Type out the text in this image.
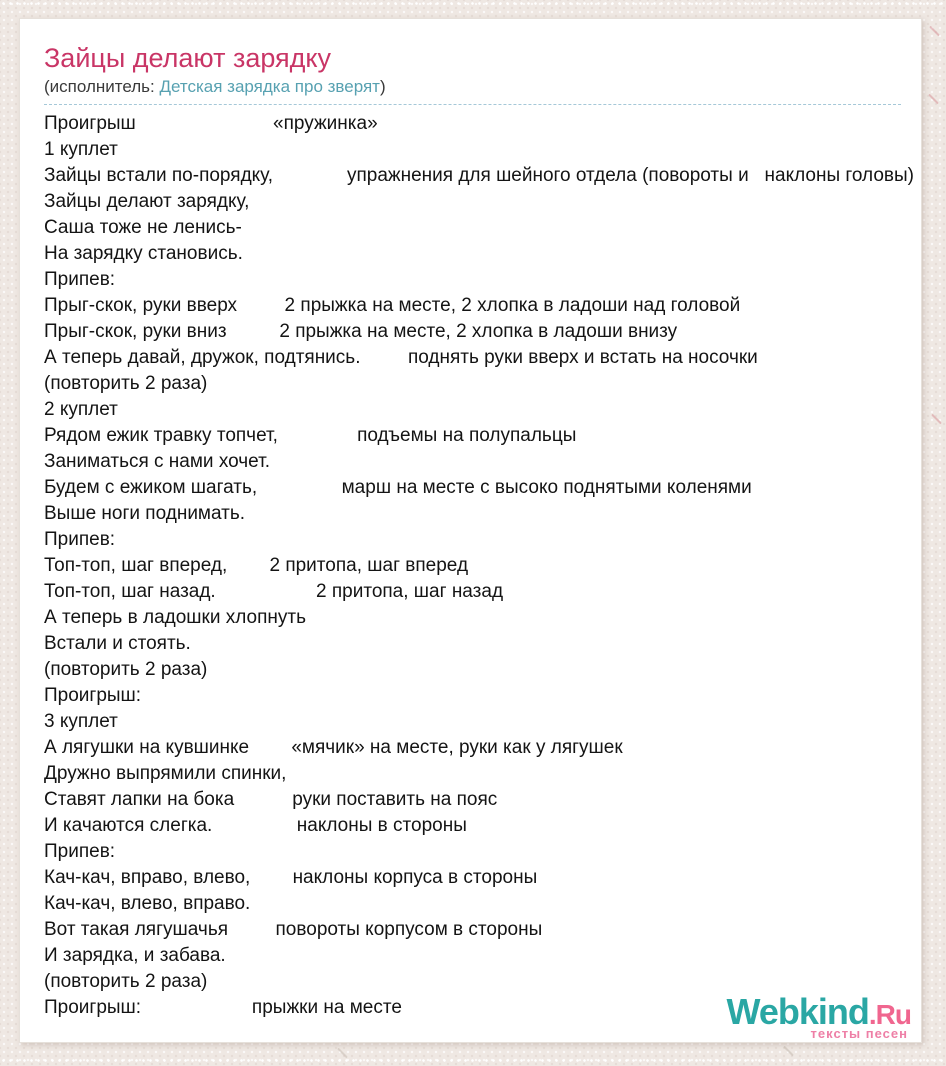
Зайцы делают зарядку
(исполнитель: Детская зарядка про зверят)
Проигрыш                          «пружинка»
1 куплет
Зайцы встали по-порядку,              упражнения для шейного отдела (повороты и   наклоны головы)
Зайцы делают зарядку,
Саша тоже не ленись-
На зарядку становись.
Припев:
Прыг-скок, руки вверх         2 прыжка на месте, 2 хлопка в ладоши над головой
Прыг-скок, руки вниз          2 прыжка на месте, 2 хлопка в ладоши внизу
А теперь давай, дружок, подтянись.         поднять руки вверх и встать на носочки
(повторить 2 раза)
2 куплет
Рядом ежик травку топчет,               подъемы на полупальцы
Заниматься с нами хочет.
Будем с ежиком шагать,                марш на месте с высоко поднятыми коленями
Выше ноги поднимать.
Припев:
Топ-топ, шаг вперед,        2 притопа, шаг вперед
Топ-топ, шаг назад.                   2 притопа, шаг назад
А теперь в ладошки хлопнуть
Встали и стоять.
(повторить 2 раза)
Проигрыш:
3 куплет
А лягушки на кувшинке        «мячик» на месте, руки как у лягушек
Дружно выпрямили спинки,
Ставят лапки на бока           руки поставить на пояс
И качаются слегка.                наклоны в стороны
Припев:
Кач-кач, вправо, влево,        наклоны корпуса в стороны
Кач-кач, влево, вправо.
Вот такая лягушачья         повороты корпусом в стороны
И зарядка, и забава.
(повторить 2 раза)
Проигрыш:                     прыжки на месте	Webkind.Ru
тексты песен
